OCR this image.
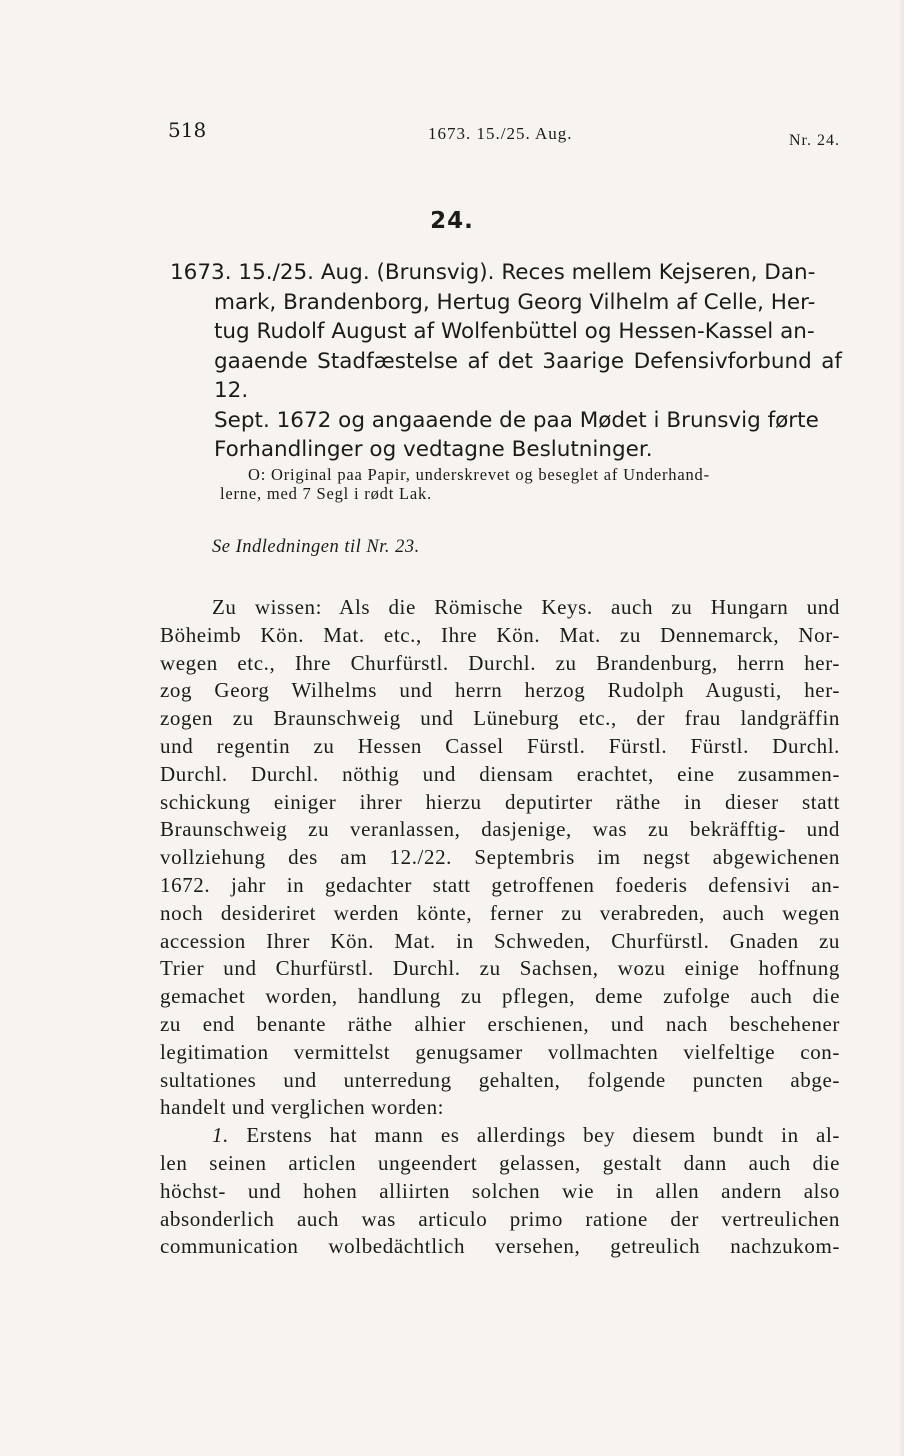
518	1673. 15./25. Aug.	Nr. 24.
24.
1673. 15./25. Aug. (Brunsvig). Reces mellem Kejseren, Dan-
mark, Brandenborg, Hertug Georg Vilhelm af Celle, Her-
tug Rudolf August af Wolfenbüttel og Hessen-Kassel an-
gaaende Stadfæstelse af det 3aarige Defensivforbund af 12.
Sept. 1672 og angaaende de paa Mødet i Brunsvig førte
Forhandlinger og vedtagne Beslutninger.
O: Original paa Papir, underskrevet og beseglet af Underhand-
lerne, med 7 Segl i rødt Lak.
Se Indledningen til Nr. 23.
Zu wissen: Als die Römische Keys. auch zu Hungarn und
Böheimb Kön. Mat. etc., Ihre Kön. Mat. zu Dennemarck, Nor-
wegen etc., Ihre Churfürstl. Durchl. zu Brandenburg, herrn her-
zog Georg Wilhelms und herrn herzog Rudolph Augusti, her-
zogen zu Braunschweig und Lüneburg etc., der frau landgräffin
und regentin zu Hessen Cassel Fürstl. Fürstl. Fürstl. Durchl.
Durchl. Durchl. nöthig und diensam erachtet, eine zusammen-
schickung einiger ihrer hierzu deputirter räthe in dieser statt
Braunschweig zu veranlassen, dasjenige, was zu bekräfftig- und
vollziehung des am 12./22. Septembris im negst abgewichenen
1672. jahr in gedachter statt getroffenen foederis defensivi an-
noch desideriret werden könte, ferner zu verabreden, auch wegen
accession Ihrer Kön. Mat. in Schweden, Churfürstl. Gnaden zu
Trier und Churfürstl. Durchl. zu Sachsen, wozu einige hoffnung
gemachet worden, handlung zu pflegen, deme zufolge auch die
zu end benante räthe alhier erschienen, und nach beschehener
legitimation vermittelst genugsamer vollmachten vielfeltige con-
sultationes und unterredung gehalten, folgende puncten abge-
handelt und verglichen worden:
1. Erstens hat mann es allerdings bey diesem bundt in al-
len seinen articlen ungeendert gelassen, gestalt dann auch die
höchst- und hohen alliirten solchen wie in allen andern also
absonderlich auch was articulo primo ratione der vertreulichen
communication wolbedächtlich versehen, getreulich nachzukom-
